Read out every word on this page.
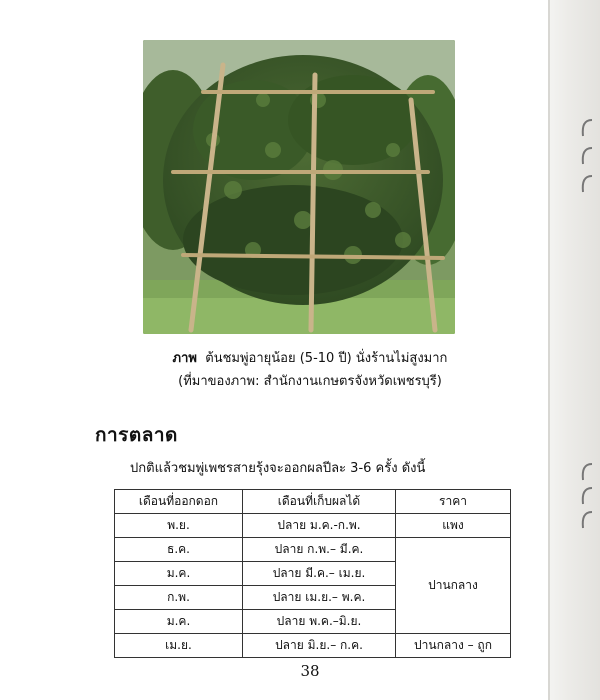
ภาพ ต้นชมพู่อายุน้อย (5-10 ปี) นั่งร้านไม่สูงมาก
(ที่มาของภาพ: สำนักงานเกษตรจังหวัดเพชรบุรี)
การตลาด
ปกติแล้วชมพู่เพชรสายรุ้งจะออกผลปีละ 3-6 ครั้ง ดังนี้
เดือนที่ออกดอก	เดือนที่เก็บผลได้	ราคา
พ.ย.	ปลาย ม.ค.-ก.พ.	แพง
ธ.ค.	ปลาย ก.พ.– มี.ค.	ปานกลาง
ม.ค.	ปลาย มี.ค.– เม.ย.	
ก.พ.	ปลาย เม.ย.– พ.ค.	
ม.ค.	ปลาย พ.ค.–มิ.ย.	
เม.ย.	ปลาย มิ.ย.– ก.ค.	ปานกลาง – ถูก
38
